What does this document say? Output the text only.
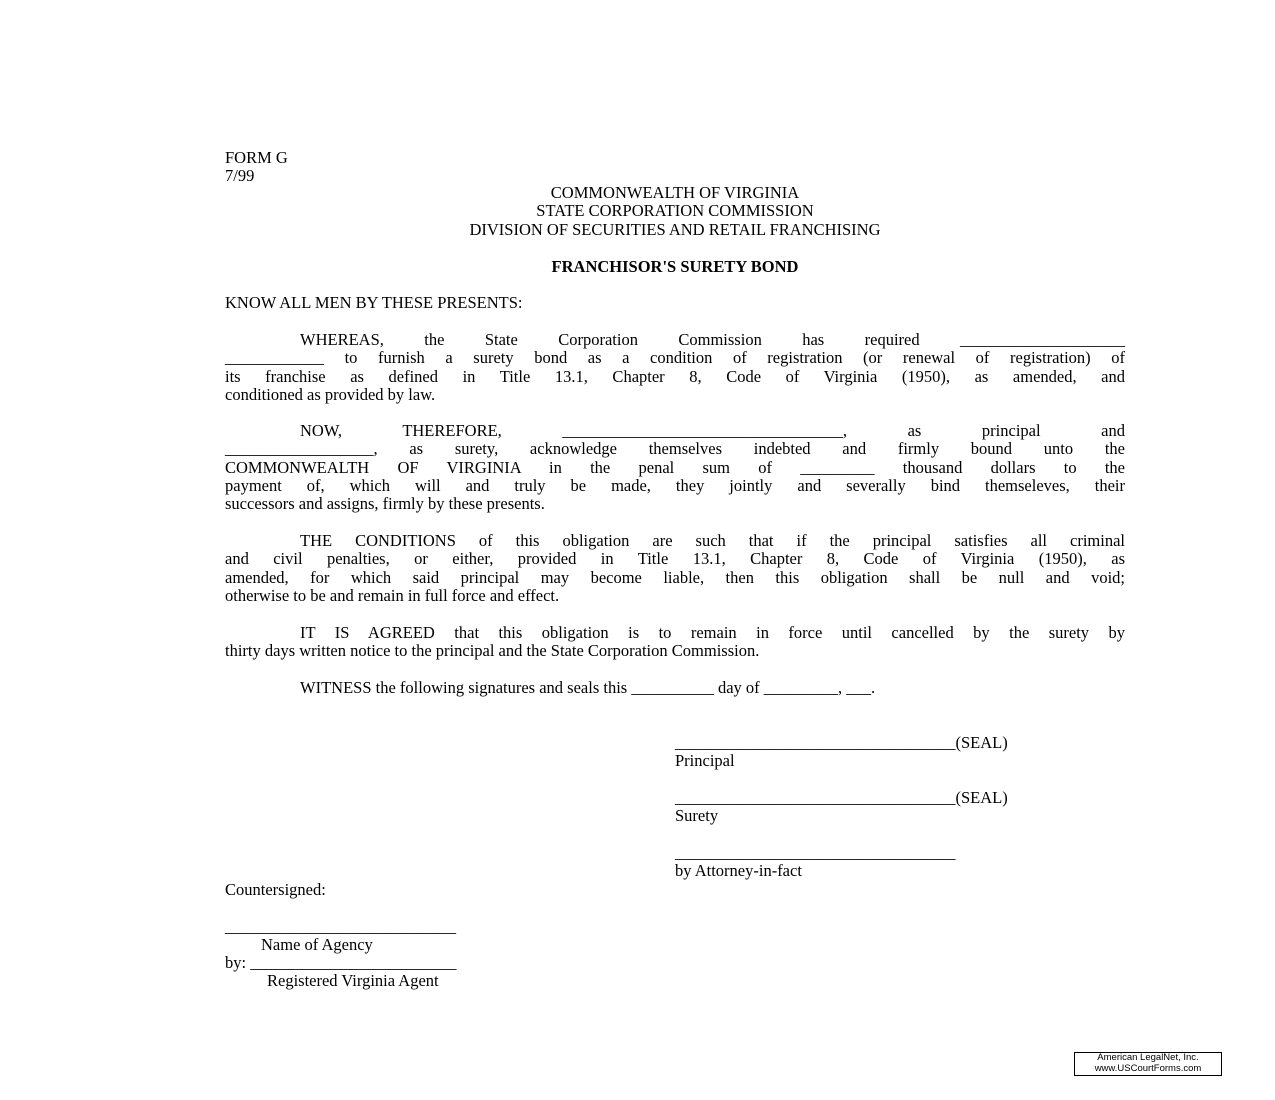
FORM G
7/99
COMMONWEALTH OF VIRGINIA
STATE CORPORATION COMMISSION
DIVISION OF SECURITIES AND RETAIL FRANCHISING
FRANCHISOR'S SURETY BOND
KNOW ALL MEN BY THESE PRESENTS:
WHEREAS, the State Corporation Commission has required ____________________
____________ to furnish a surety bond as a condition of registration (or renewal of registration) of
its franchise as defined in Title 13.1, Chapter 8, Code of Virginia (1950), as amended, and
conditioned as provided by law.
NOW, THEREFORE, __________________________________, as principal and
__________________, as surety, acknowledge themselves indebted and firmly bound unto the
COMMONWEALTH OF VIRGINIA in the penal sum of _________ thousand dollars to the
payment of, which will and truly be made, they jointly and severally bind themseleves, their
successors and assigns, firmly by these presents.
THE CONDITIONS of this obligation are such that if the principal satisfies all criminal
and civil penalties, or either, provided in Title 13.1, Chapter 8, Code of Virginia (1950), as
amended, for which said principal may become liable, then this obligation shall be null and void;
otherwise to be and remain in full force and effect.
IT IS AGREED that this obligation is to remain in force until cancelled by the surety by
thirty days written notice to the principal and the State Corporation Commission.
WITNESS the following signatures and seals this __________ day of _________, ___.
__________________________________(SEAL)
Principal
__________________________________(SEAL)
Surety
__________________________________
by Attorney-in-fact
Countersigned:
____________________________
Name of Agency
by: _________________________
Registered Virginia Agent
American LegalNet, Inc.
www.USCourtForms.com
